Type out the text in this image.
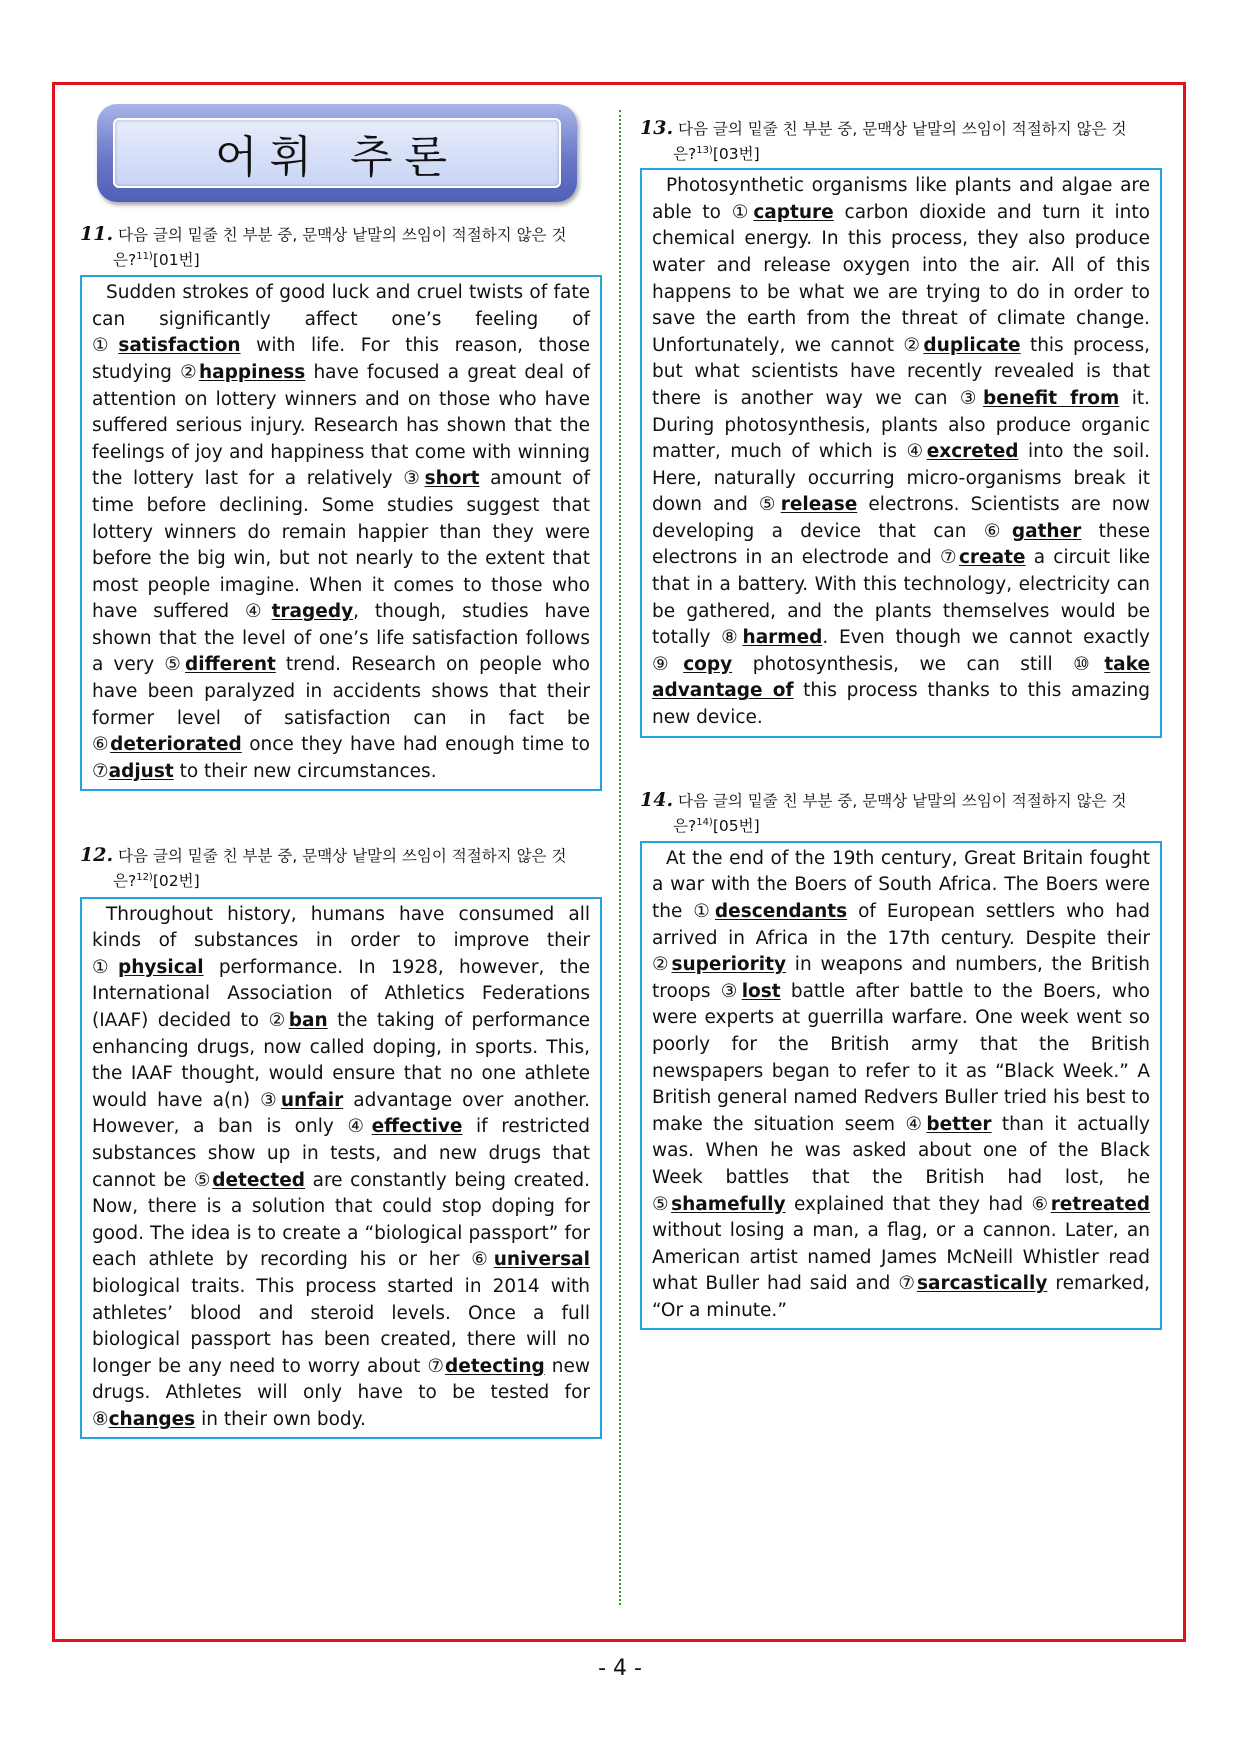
어휘 추론
11. 다음 글의 밑줄 친 부분 중, 문맥상 낱말의 쓰임이 적절하지 않은 것
은?$^{11)}$[01번]

Sudden strokes of good luck and cruel twists of fate can significantly affect one’s feeling of ①satisfaction with life. For this reason, those studying ②happiness have focused a great deal of attention on lottery winners and on those who have suffered serious injury. Research has shown that the feelings of joy and happiness that come with winning the lottery last for a relatively ③short amount of time before declining. Some studies suggest that lottery winners do remain happier than they were before the big win, but not nearly to the extent that most people imagine. When it comes to those who have suffered ④tragedy, though, studies have shown that the level of one’s life satisfaction follows a very ⑤different trend. Research on people who have been paralyzed in accidents shows that their former level of satisfaction can in fact be ⑥deteriorated once they have had enough time to ⑦adjust to their new circumstances.

12. 다음 글의 밑줄 친 부분 중, 문맥상 낱말의 쓰임이 적절하지 않은 것
은?$^{12)}$[02번]

Throughout history, humans have consumed all kinds of substances in order to improve their ①physical performance. In 1928, however, the International Association of Athletics Federations (IAAF) decided to ②ban the taking of performance enhancing drugs, now called doping, in sports. This, the IAAF thought, would ensure that no one athlete would have a(n) ③unfair advantage over another. However, a ban is only ④effective if restricted substances show up in tests, and new drugs that cannot be ⑤detected are constantly being created. Now, there is a solution that could stop doping for good. The idea is to create a “biological passport” for each athlete by recording his or her ⑥universal biological traits. This process started in 2014 with athletes’ blood and steroid levels. Once a full biological passport has been created, there will no longer be any need to worry about ⑦detecting new drugs. Athletes will only have to be tested for ⑧changes in their own body.

13. 다음 글의 밑줄 친 부분 중, 문맥상 낱말의 쓰임이 적절하지 않은 것
은?$^{13)}$[03번]

Photosynthetic organisms like plants and algae are able to ①capture carbon dioxide and turn it into chemical energy. In this process, they also produce water and release oxygen into the air. All of this happens to be what we are trying to do in order to save the earth from the threat of climate change. Unfortunately, we cannot ②duplicate this process, but what scientists have recently revealed is that there is another way we can ③benefit from it. During photosynthesis, plants also produce organic matter, much of which is ④excreted into the soil. Here, naturally occurring micro-organisms break it down and ⑤release electrons. Scientists are now developing a device that can ⑥gather these electrons in an electrode and ⑦create a circuit like that in a battery. With this technology, electricity can be gathered, and the plants themselves would be totally ⑧harmed. Even though we cannot exactly ⑨copy photosynthesis, we can still ⑩take advantage of this process thanks to this amazing new device.

14. 다음 글의 밑줄 친 부분 중, 문맥상 낱말의 쓰임이 적절하지 않은 것
은?$^{14)}$[05번]

At the end of the 19th century, Great Britain fought a war with the Boers of South Africa. The Boers were the ①descendants of European settlers who had arrived in Africa in the 17th century. Despite their ②superiority in weapons and numbers, the British troops ③lost battle after battle to the Boers, who were experts at guerrilla warfare. One week went so poorly for the British army that the British newspapers began to refer to it as “Black Week.” A British general named Redvers Buller tried his best to make the situation seem ④better than it actually was. When he was asked about one of the Black Week battles that the British had lost, he ⑤shamefully explained that they had ⑥retreated without losing a man, a flag, or a cannon. Later, an American artist named James McNeill Whistler read what Buller had said and ⑦sarcastically remarked, “Or a minute.”

- 4 -
